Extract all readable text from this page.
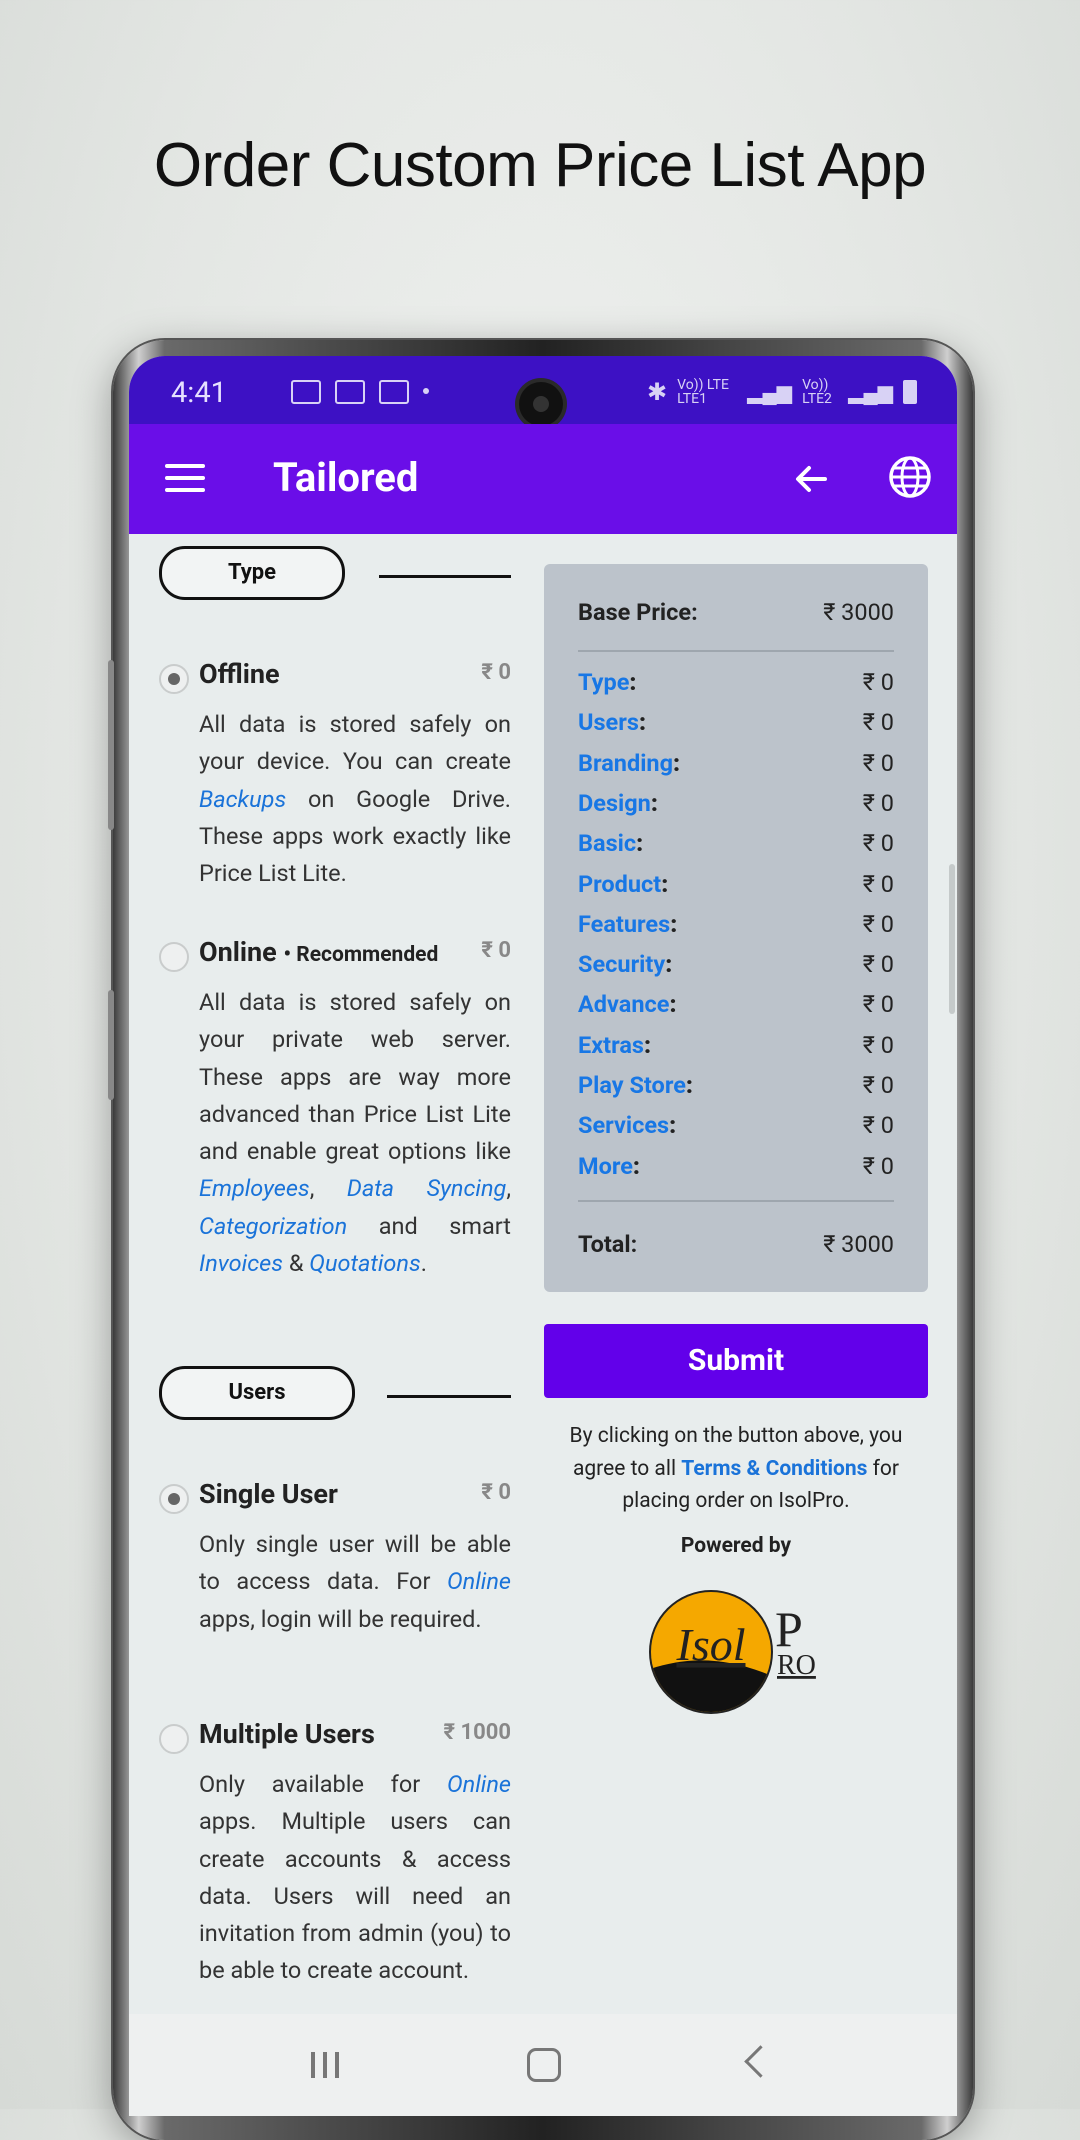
Order Custom Price List App
4:41	✱ Vo)) LTE LTE1	▂▄▆ Vo)) LTE2 ▂▄▆
Tailored
Type
Offline	₹ 0
All data is stored safely on your device. You can create Backups on Google Drive. These apps work exactly like Price List Lite.
Online • Recommended	₹ 0
All data is stored safely on your private web server. These apps are way more advanced than Price List Lite and enable great options like Employees, Data Syncing, Categorization and smart Invoices & Quotations.
Users
Single User	₹ 0
Only single user will be able to access data. For Online apps, login will be required.
Multiple Users	₹ 1000
Only available for Online apps. Multiple users can create accounts & access data. Users will need an invitation from admin (you) to be able to create account.
Base Price:	₹ 3000
Type:	₹ 0
Users:	₹ 0
Branding:	₹ 0
Design:	₹ 0
Basic:	₹ 0
Product:	₹ 0
Features:	₹ 0
Security:	₹ 0
Advance:	₹ 0
Extras:	₹ 0
Play Store:	₹ 0
Services:	₹ 0
More:	₹ 0
Total:	₹ 3000
Submit
By clicking on the button above, you agree to all Terms & Conditions for placing order on IsolPro.
Powered by
Isol P
RO
